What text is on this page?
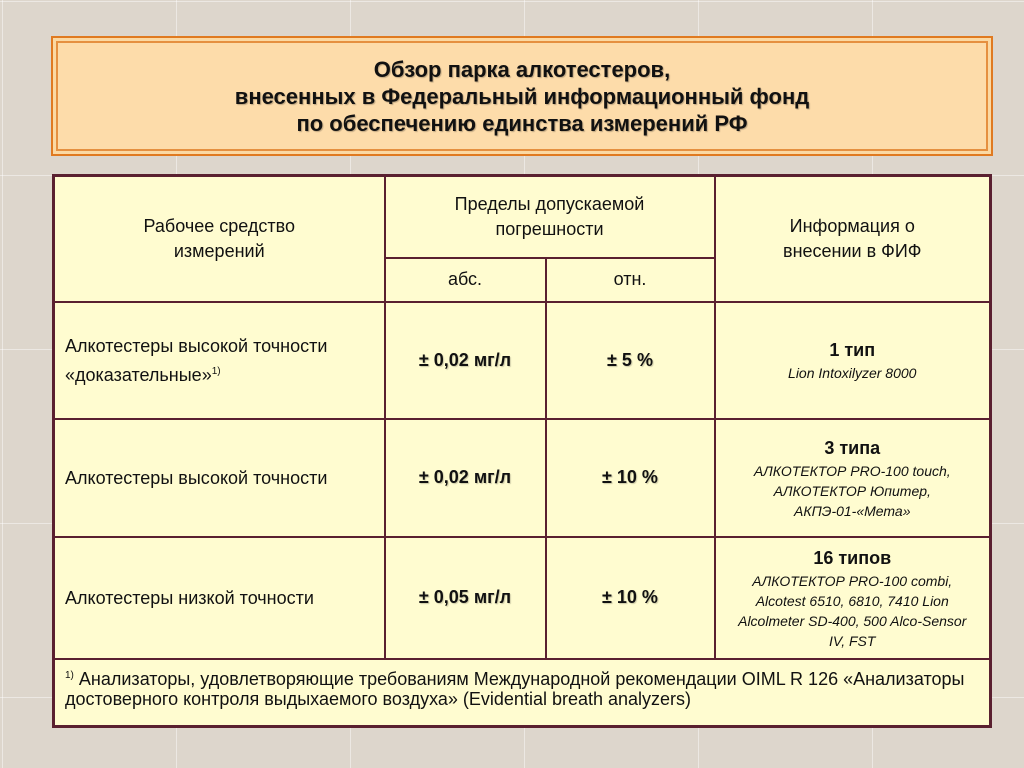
Обзор парка алкотестеров,
внесенных в Федеральный информационный фонд
по обеспечению единства измерений РФ
Рабочее средство измерений	Пределы допускаемой погрешности		Информация о внесении в ФИФ

	абс.	отн.	

Алкотестеры высокой точности «доказательные»$^{1)}$	± 0,02 мг/л	± 5 %	1 тип
Lion Intoxilyzer 8000

Алкотестеры высокой точности	± 0,02 мг/л	± 10 %	3 типа
АЛКОТЕКТОР PRO-100 touch, АЛКОТЕКТОР Юпитер, АКПЭ-01-«Мета»

Алкотестеры низкой точности	± 0,05 мг/л	± 10 %	16 типов
АЛКОТЕКТОР PRO-100 combi, Alcotest 6510, 6810, 7410 Lion Alcolmeter SD-400, 500 Alco-Sensor IV, FST

$^{1)}$ Анализаторы, удовлетворяющие требованиям Международной рекомендации OIML R 126 «Анализаторы достоверного контроля выдыхаемого воздуха» (Evidential breath analyzers)			
